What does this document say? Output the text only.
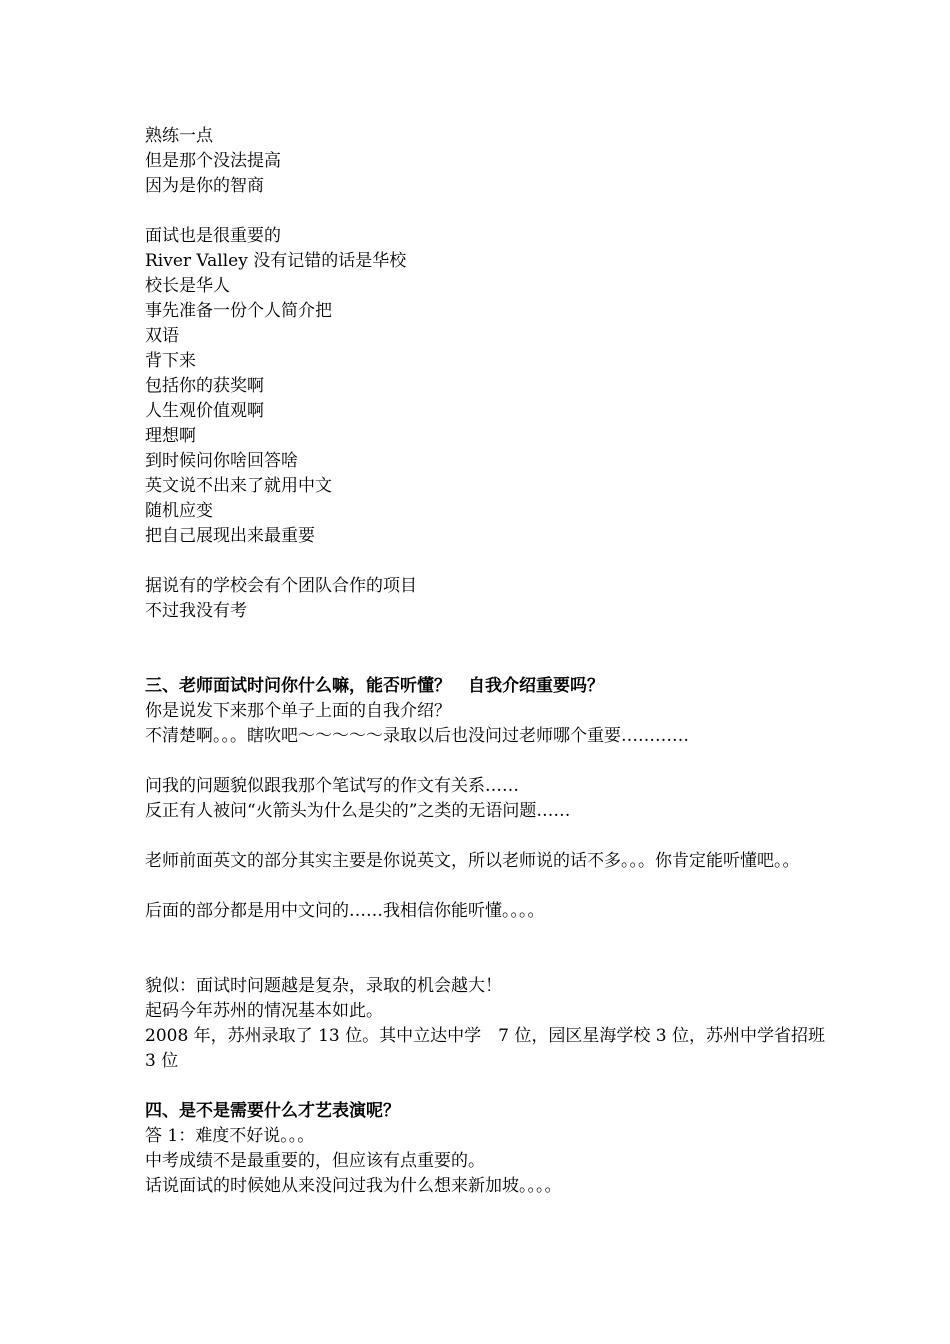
熟练一点

但是那个没法提高

因为是你的智商

面试也是很重要的

River Valley 没有记错的话是华校

校长是华人

事先准备一份个人简介把

双语

背下来

包括你的获奖啊

人生观价值观啊

理想啊

到时候问你啥回答啥

英文说不出来了就用中文

随机应变

把自己展现出来最重要

据说有的学校会有个团队合作的项目

不过我没有考

三、老师面试时问你什么嘛，能否听懂？　自我介绍重要吗？

你是说发下来那个单子上面的自我介绍？

不清楚啊。。。瞎吹吧～～～～～录取以后也没问过老师哪个重要…………

问我的问题貌似跟我那个笔试写的作文有关系……

反正有人被问“火箭头为什么是尖的”之类的无语问题……

老师前面英文的部分其实主要是你说英文，所以老师说的话不多。。。你肯定能听懂吧。。

后面的部分都是用中文问的……我相信你能听懂。。。。

貌似：面试时问题越是复杂，录取的机会越大！

起码今年苏州的情况基本如此。

2008 年，苏州录取了 13 位。其中立达中学　7 位，园区星海学校 3 位，苏州中学省招班 3 位

四、是不是需要什么才艺表演呢？

答 1：难度不好说。。。

中考成绩不是最重要的，但应该有点重要的。

话说面试的时候她从来没问过我为什么想来新加坡。。。。
